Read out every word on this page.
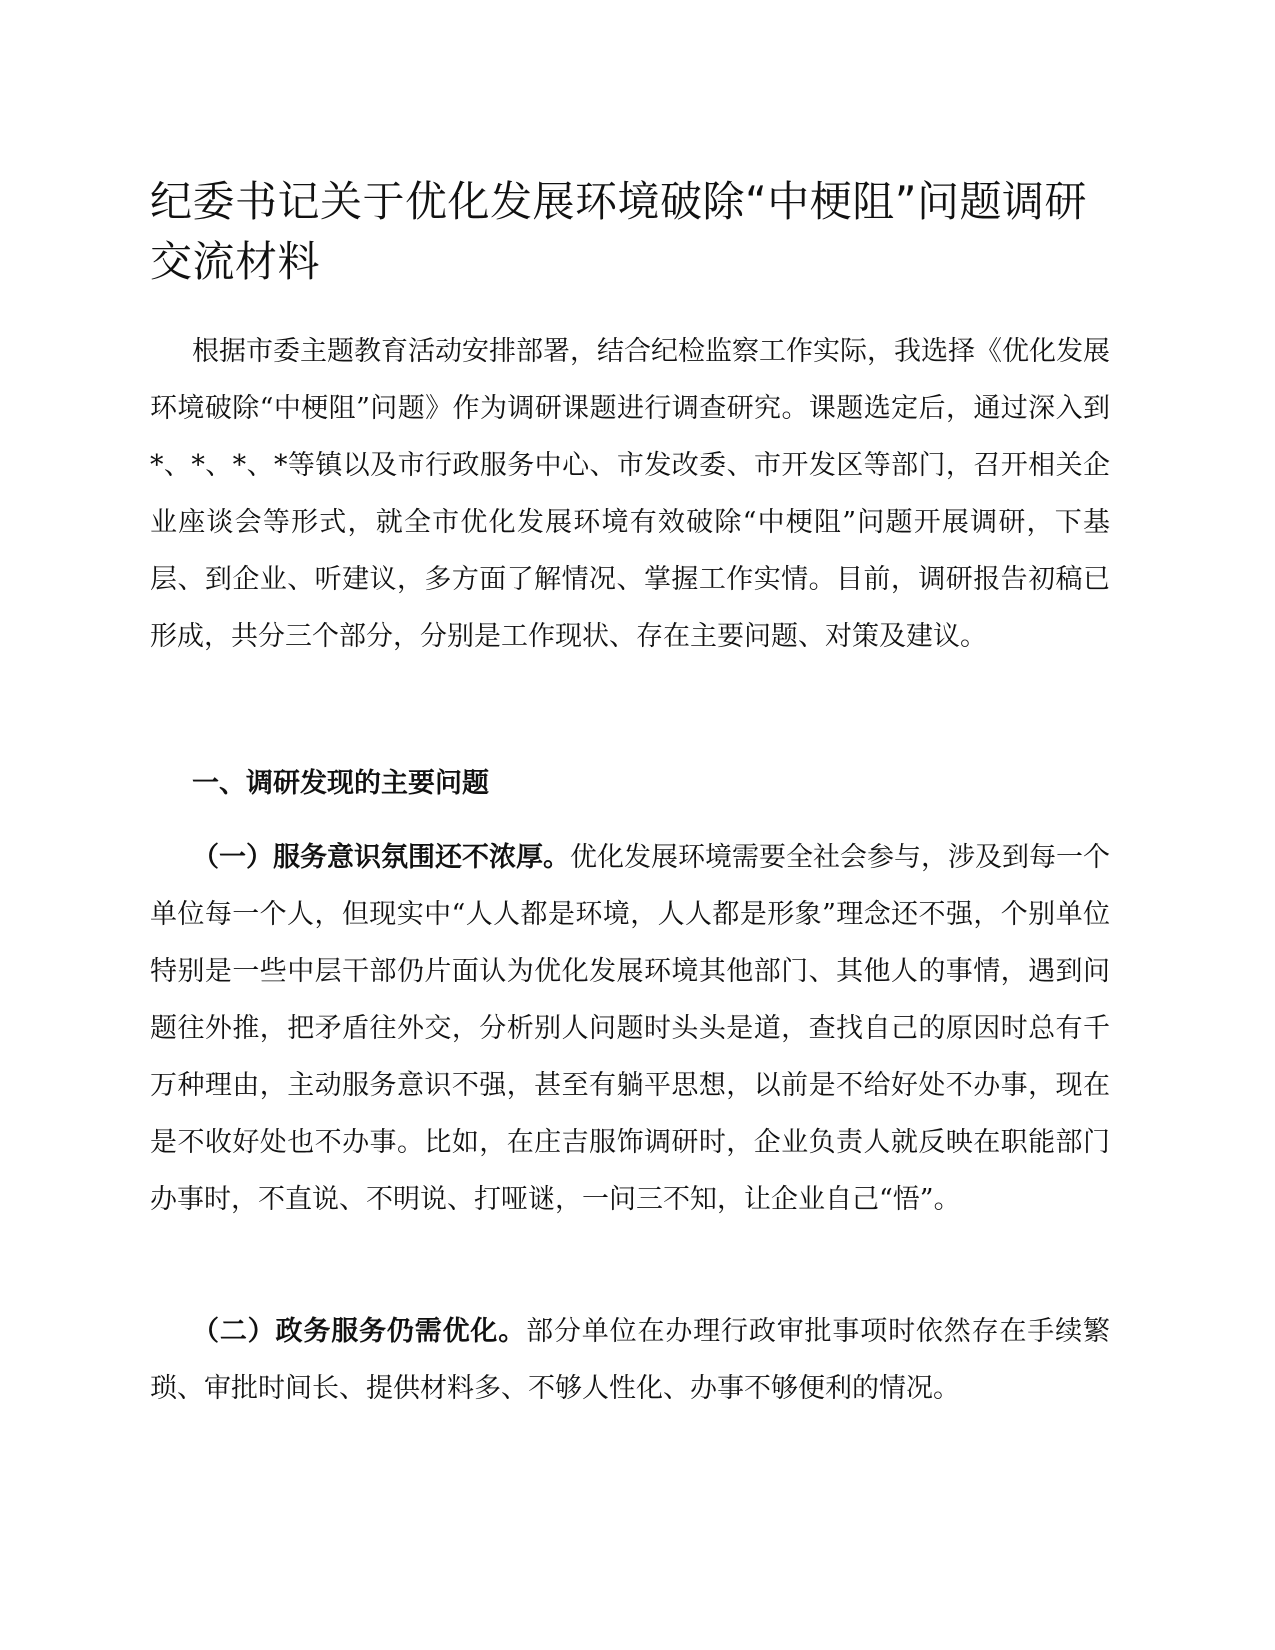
纪委书记关于优化发展环境破除“中梗阻”问题调研交流材料

根据市委主题教育活动安排部署，结合纪检监察工作实际，我选择《优化发展环境破除“中梗阻”问题》作为调研课题进行调查研究。课题选定后，通过深入到*、*、*、*等镇以及市行政服务中心、市发改委、市开发区等部门，召开相关企业座谈会等形式，就全市优化发展环境有效破除“中梗阻”问题开展调研，下基层、到企业、听建议，多方面了解情况、掌握工作实情。目前，调研报告初稿已形成，共分三个部分，分别是工作现状、存在主要问题、对策及建议。

一、调研发现的主要问题

（一）服务意识氛围还不浓厚。优化发展环境需要全社会参与，涉及到每一个单位每一个人，但现实中“人人都是环境，人人都是形象”理念还不强，个别单位特别是一些中层干部仍片面认为优化发展环境其他部门、其他人的事情，遇到问题往外推，把矛盾往外交，分析别人问题时头头是道，查找自己的原因时总有千万种理由，主动服务意识不强，甚至有躺平思想，以前是不给好处不办事，现在是不收好处也不办事。比如，在庄吉服饰调研时，企业负责人就反映在职能部门办事时，不直说、不明说、打哑谜，一问三不知，让企业自己“悟”。

（二）政务服务仍需优化。部分单位在办理行政审批事项时依然存在手续繁琐、审批时间长、提供材料多、不够人性化、办事不够便利的情况。
